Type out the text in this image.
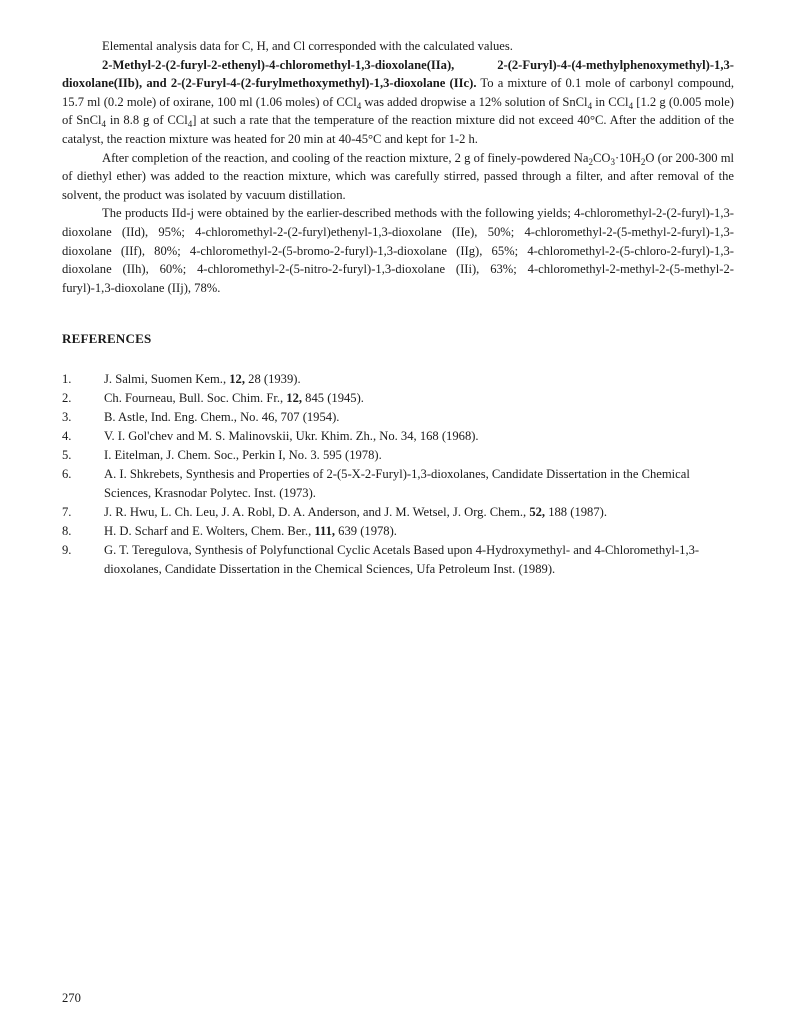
Elemental analysis data for C, H, and Cl corresponded with the calculated values.

2-Methyl-2-(2-furyl-2-ethenyl)-4-chloromethyl-1,3-dioxolane(IIa),	2-(2-Furyl)-4-(4-methylphenoxymethyl)-1,3-dioxolane(IIb), and 2-(2-Furyl-4-(2-furylmethoxymethyl)-1,3-dioxolane (IIc). To a mixture of 0.1 mole of carbonyl compound, 15.7 ml (0.2 mole) of oxirane, 100 ml (1.06 moles) of CCl$_4$ was added dropwise a 12% solution of SnCl$_4$ in CCl$_4$ [1.2 g (0.005 mole) of SnCl$_4$ in 8.8 g of CCl$_4$] at such a rate that the temperature of the reaction mixture did not exceed 40°C. After the addition of the catalyst, the reaction mixture was heated for 20 min at 40-45°C and kept for 1-2 h.

After completion of the reaction, and cooling of the reaction mixture, 2 g of finely-powdered $Na_2CO_3\cdot 10H_2O$ (or 200-300 ml of diethyl ether) was added to the reaction mixture, which was carefully stirred, passed through a filter, and after removal of the solvent, the product was isolated by vacuum distillation.

The products IId-j were obtained by the earlier-described methods with the following yields; 4-chloromethyl-2-(2-furyl)-1,3-dioxolane (IId), 95%; 4-chloromethyl-2-(2-furyl)ethenyl-1,3-dioxolane (IIe), 50%; 4-chloromethyl-2-(5-methyl-2-furyl)-1,3-dioxolane (IIf), 80%; 4-chloromethyl-2-(5-bromo-2-furyl)-1,3-dioxolane (IIg), 65%; 4-chloromethyl-2-(5-chloro-2-furyl)-1,3-dioxolane (IIh), 60%; 4-chloromethyl-2-(5-nitro-2-furyl)-1,3-dioxolane (IIi), 63%; 4-chloromethyl-2-methyl-2-(5-methyl-2-furyl)-1,3-dioxolane (IIj), 78%.

REFERENCES
1.	J. Salmi, Suomen Kem., 12, 28 (1939).
2.	Ch. Fourneau, Bull. Soc. Chim. Fr., 12, 845 (1945).
3.	B. Astle, Ind. Eng. Chem., No. 46, 707 (1954).
4.	V. I. Gol'chev and M. S. Malinovskii, Ukr. Khim. Zh., No. 34, 168 (1968).
5.	I. Eitelman, J. Chem. Soc., Perkin I, No. 3. 595 (1978).
6.	A. I. Shkrebets, Synthesis and Properties of 2-(5-X-2-Furyl)-1,3-dioxolanes, Candidate Dissertation in the Chemical Sciences, Krasnodar Polytec. Inst. (1973).
7.	J. R. Hwu, L. Ch. Leu, J. A. Robl, D. A. Anderson, and J. M. Wetsel, J. Org. Chem., 52, 188 (1987).
8.	H. D. Scharf and E. Wolters, Chem. Ber., 111, 639 (1978).
9.	G. T. Teregulova, Synthesis of Polyfunctional Cyclic Acetals Based upon 4-Hydroxymethyl- and 4-Chloromethyl-1,3-dioxolanes, Candidate Dissertation in the Chemical Sciences, Ufa Petroleum Inst. (1989).
270
